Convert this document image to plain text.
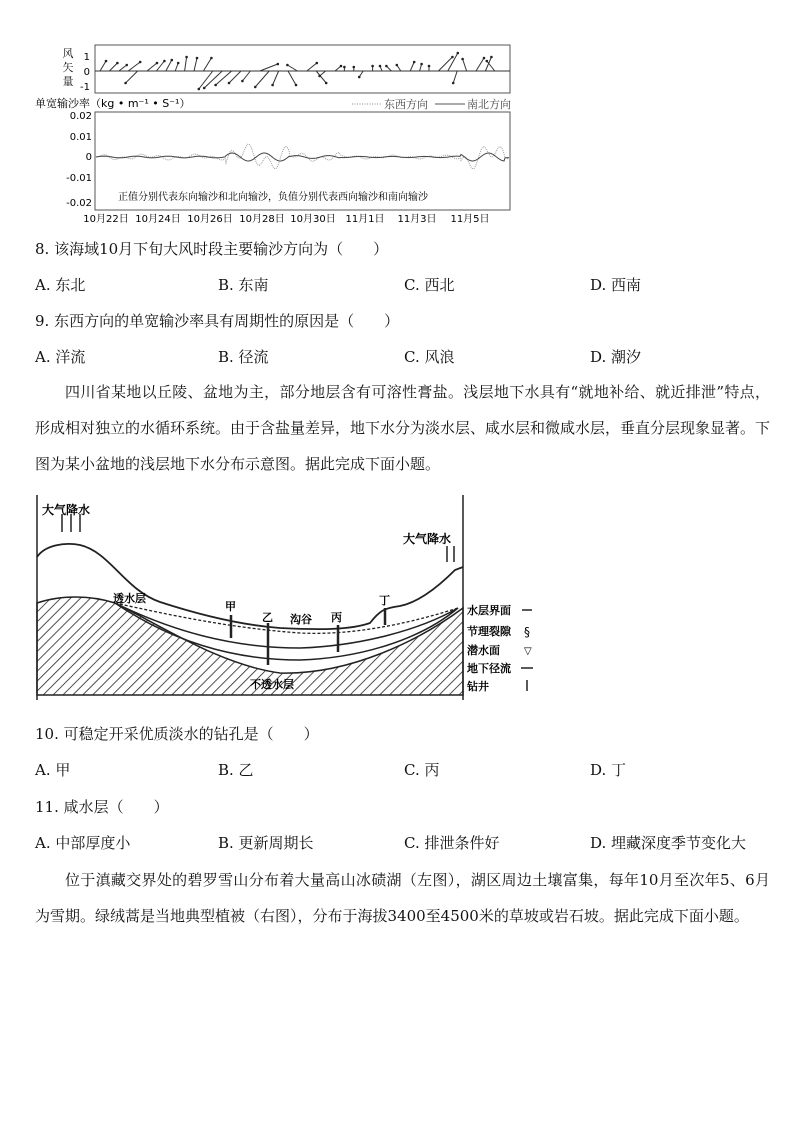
1
0
-1
单宽输沙率（kg • m⁻¹ • S⁻¹）	东西方向	南北方向
0.02
0.01
0
-0.01
-0.02
正值分别代表东向输沙和北向输沙，负值分别代表西向输沙和南向输沙
10月22日 10月24日 10月26日 10月28日 10月30日 11月1日 11月3日 11月5日
风矢量
8. 该海域10月下旬大风时段主要输沙方向为（　　）
A. 东北	B. 东南	C. 西北	D. 西南
9. 东西方向的单宽输沙率具有周期性的原因是（　　）
A. 洋流	B. 径流	C. 风浪	D. 潮汐
四川省某地以丘陵、盆地为主，部分地层含有可溶性膏盐。浅层地下水具有“就地补给、就近排泄”特点，形成相对独立的水循环系统。由于含盐量差异，地下水分为淡水层、咸水层和微咸水层，垂直分层现象显著。下图为某小盆地的浅层地下水分布示意图。据此完成下面小题。
大气降水
大气降水
透水层
不透水层
沟谷
甲
乙	丙
丁
水层界面
节理裂隙
潜水面
地下径流
钻井
§
▽
10. 可稳定开采优质淡水的钻孔是（　　）
A. 甲	B. 乙	C. 丙	D. 丁
11. 咸水层（　　）
A. 中部厚度小	B. 更新周期长	C. 排泄条件好	D. 埋藏深度季节变化大
位于滇藏交界处的碧罗雪山分布着大量高山冰碛湖（左图），湖区周边土壤富集，每年10月至次年5、6月为雪期。绿绒蒿是当地典型植被（右图），分布于海拔3400至4500米的草坡或岩石坡。据此完成下面小题。
